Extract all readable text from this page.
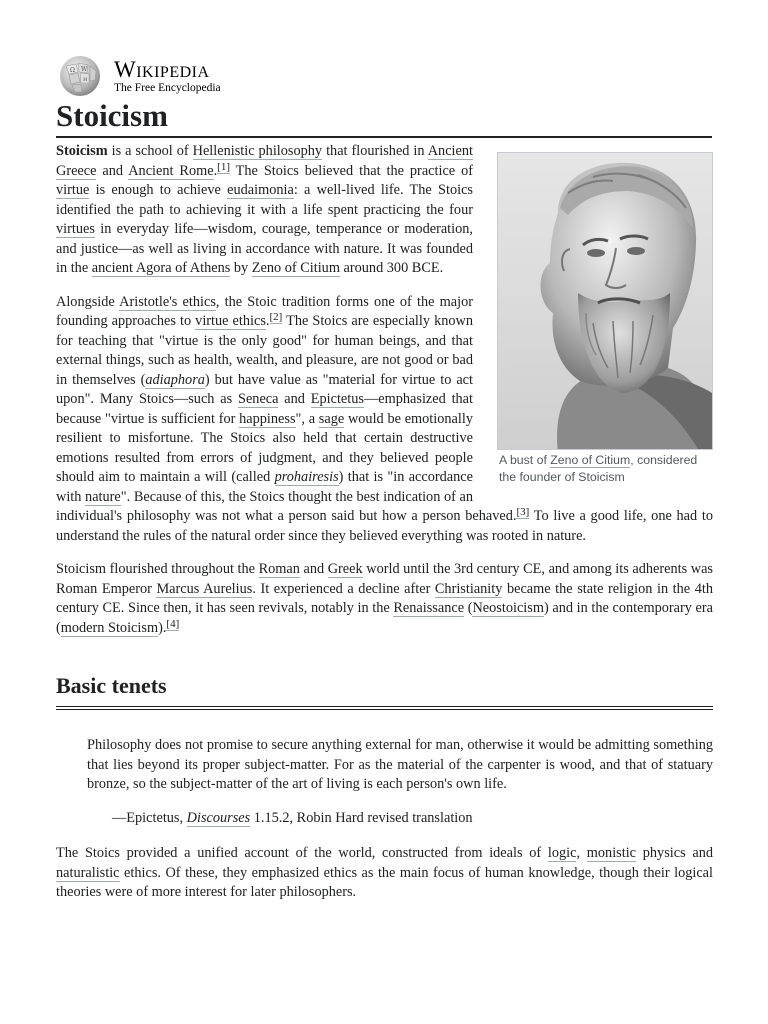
Ω W
И Wikipedia
The Free Encyclopedia
Stoicism
A bust of Zeno of Citium, considered the founder of Stoicism

Stoicism is a school of Hellenistic philosophy that flourished in Ancient Greece and Ancient Rome.[1] The Stoics believed that the practice of virtue is enough to achieve eudaimonia: a well-lived life. The Stoics identified the path to achieving it with a life spent practicing the four virtues in everyday life—wisdom, courage, temperance or moderation, and justice—as well as living in accordance with nature. It was founded in the ancient Agora of Athens by Zeno of Citium around 300 BCE.

Alongside Aristotle's ethics, the Stoic tradition forms one of the major founding approaches to virtue ethics.[2] The Stoics are especially known for teaching that "virtue is the only good" for human beings, and that external things, such as health, wealth, and pleasure, are not good or bad in themselves (adiaphora) but have value as "material for virtue to act upon". Many Stoics—such as Seneca and Epictetus—emphasized that because "virtue is sufficient for happiness", a sage would be emotionally resilient to misfortune. The Stoics also held that certain destructive emotions resulted from errors of judgment, and they believed people should aim to maintain a will (called prohairesis) that is "in accordance with nature". Because of this, the Stoics thought the best indication of an individual's philosophy was not what a person said but how a person behaved.[3] To live a good life, one had to understand the rules of the natural order since they believed everything was rooted in nature.

Stoicism flourished throughout the Roman and Greek world until the 3rd century CE, and among its adherents was Roman Emperor Marcus Aurelius. It experienced a decline after Christianity became the state religion in the 4th century CE. Since then, it has seen revivals, notably in the Renaissance (Neostoicism) and in the contemporary era (modern Stoicism).[4]

Basic tenets

Philosophy does not promise to secure anything external for man, otherwise it would be admitting something that lies beyond its proper subject-matter. For as the material of the carpenter is wood, and that of statuary bronze, so the subject-matter of the art of living is each person's own life.

—Epictetus, Discourses 1.15.2, Robin Hard revised translation

The Stoics provided a unified account of the world, constructed from ideals of logic, monistic physics and naturalistic ethics. Of these, they emphasized ethics as the main focus of human knowledge, though their logical theories were of more interest for later philosophers.
